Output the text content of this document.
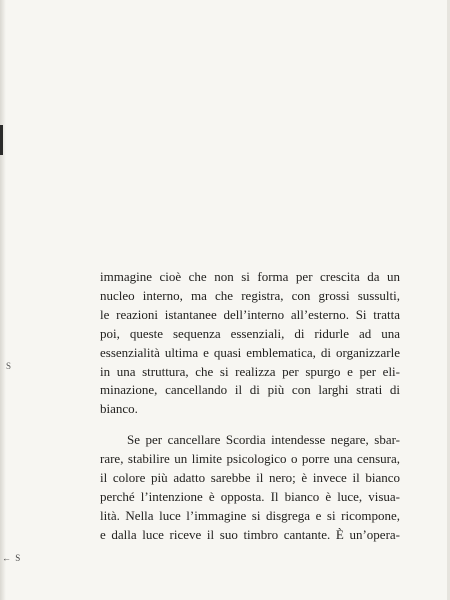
S
← S
immagine cioè che non si forma per crescita da un
nucleo interno, ma che registra, con grossi sussulti,
le reazioni istantanee dell’interno all’esterno. Si tratta
poi, queste sequenza essenziali, di ridurle ad una
essenzialità ultima e quasi emblematica, di organizzarle
in una struttura, che si realizza per spurgo e per eli-
minazione, cancellando il di più con larghi strati di
bianco.
Se per cancellare Scordia intendesse negare, sbar-
rare, stabilire un limite psicologico o porre una censura,
il colore più adatto sarebbe il nero; è invece il bianco
perché l’intenzione è opposta. Il bianco è luce, visua-
lità. Nella luce l’immagine si disgrega e si ricompone,
e dalla luce riceve il suo timbro cantante. È un’opera-
